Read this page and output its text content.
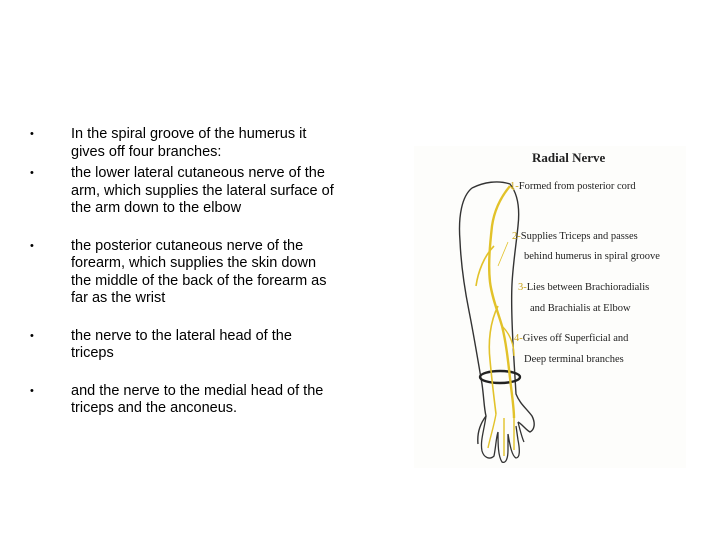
•	In the spiral groove of the humerus it gives off four branches:
•	the lower lateral cutaneous nerve of the arm, which supplies the lateral surface of the arm down to the elbow
•	the posterior cutaneous nerve of the forearm, which supplies the skin down the middle of the back of the forearm as far as the wrist
•	the nerve to the lateral head of the triceps
•	and the nerve to the medial head of the triceps and the anconeus.
Radial Nerve
1-Formed from posterior cord
2-Supplies Triceps and passes
behind humerus in spiral groove
3-Lies between Brachioradialis
and Brachialis at Elbow
4-Gives off Superficial and
Deep terminal branches
